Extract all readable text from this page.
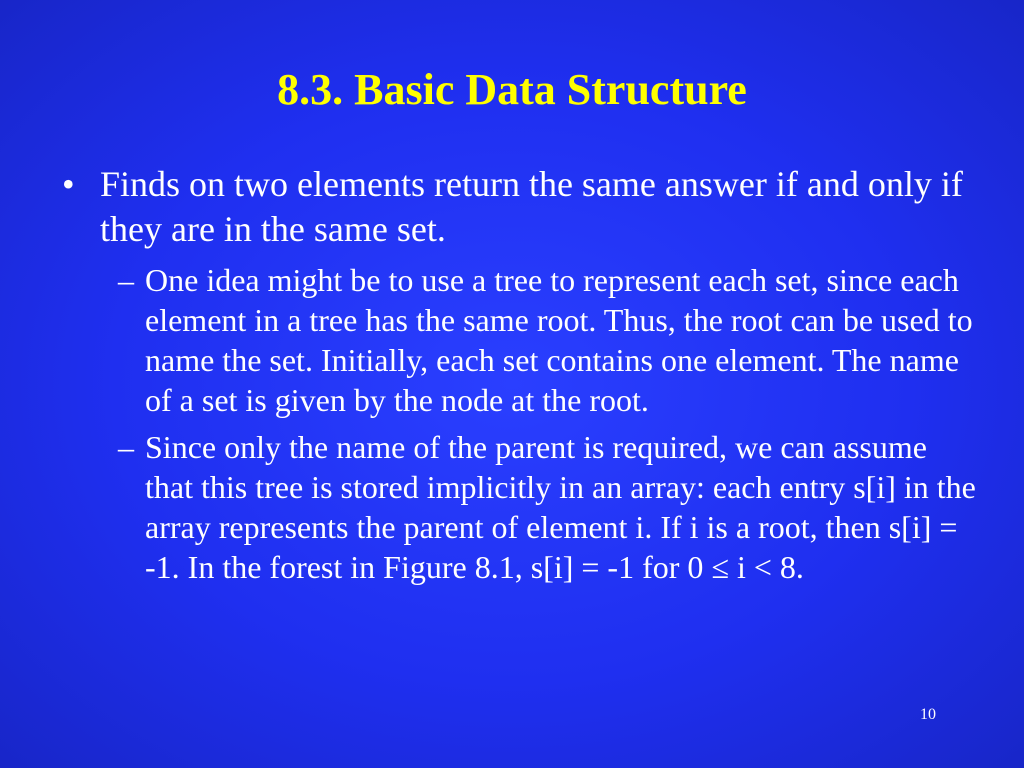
8.3. Basic Data Structure
• Finds on two elements return the same answer if and only if they are in the same set.
– One idea might be to use a tree to represent each set, since each element in a tree has the same root. Thus, the root can be used to name the set. Initially, each set contains one element. The name of a set is given by the node at the root.
– Since only the name of the parent is required, we can assume that this tree is stored implicitly in an array: each entry s[i] in the array represents the parent of element i. If i is a root, then s[i] = -1. In the forest in Figure 8.1, s[i] = -1 for 0 ≤ i < 8.
10
